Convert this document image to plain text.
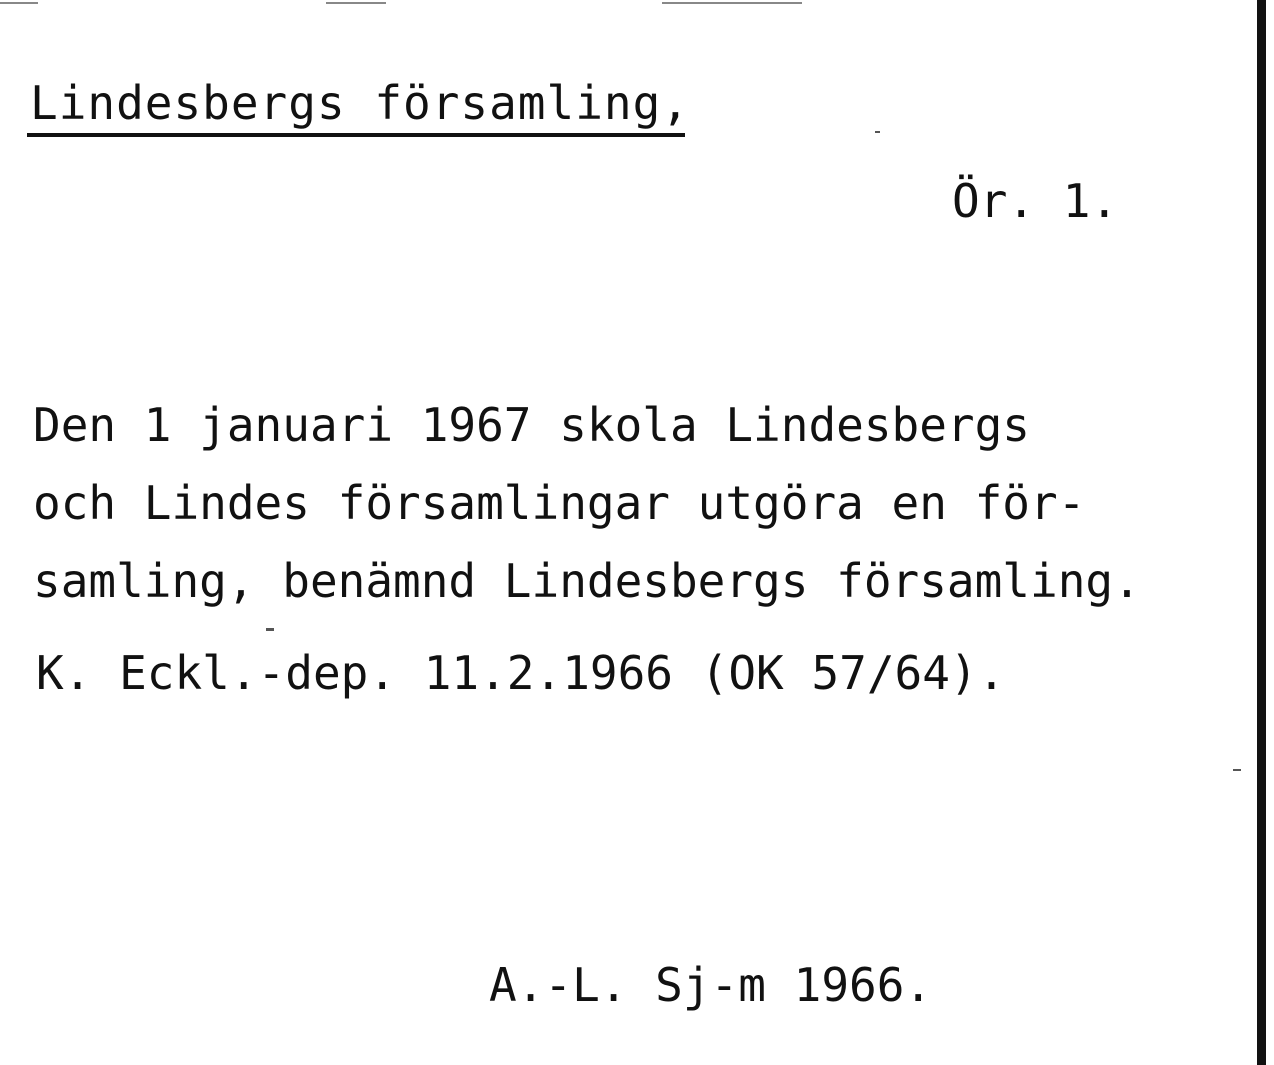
Lindesbergs församling,
Ör. 1.
Den 1 januari 1967 skola Lindesbergs
och Lindes församlingar utgöra en för-
samling, benämnd Lindesbergs församling.
K. Eckl.-dep. 11.2.1966 (OK 57/64).
A.-L. Sj-m 1966.
